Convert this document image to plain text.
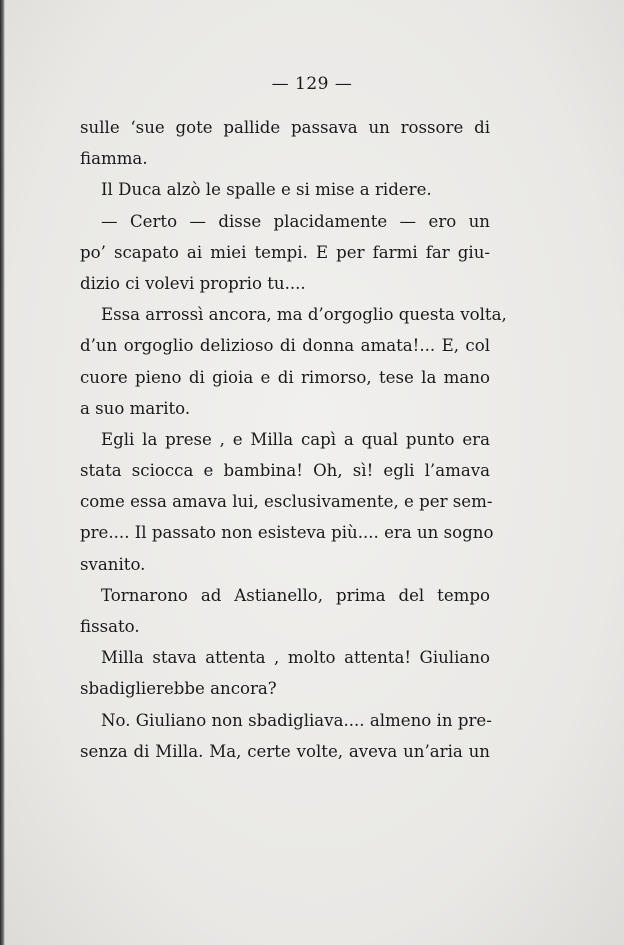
— 129 —
sulle ʻsue gote pallide passava un rossore di
fiamma.
Il Duca alzò le spalle e si mise a ridere.
— Certo — disse placidamente — ero un
po’ scapato ai miei tempi. E per farmi far giu-
dizio ci volevi proprio tu....
Essa arrossì ancora, ma d’orgoglio questa volta,
d’un orgoglio delizioso di donna amata!... E, col
cuore pieno di gioia e di rimorso, tese la mano
a suo marito.
Egli la prese , e Milla capì a qual punto era
stata sciocca e bambina! Oh, sì! egli l’amava
come essa amava lui, esclusivamente, e per sem-
pre.... Il passato non esisteva più.... era un sogno
svanito.
Tornarono ad Astianello, prima del tempo
fissato.
Milla stava attenta , molto attenta! Giuliano
sbadiglierebbe ancora?
No. Giuliano non sbadigliava.... almeno in pre-
senza di Milla. Ma, certe volte, aveva un’aria un
